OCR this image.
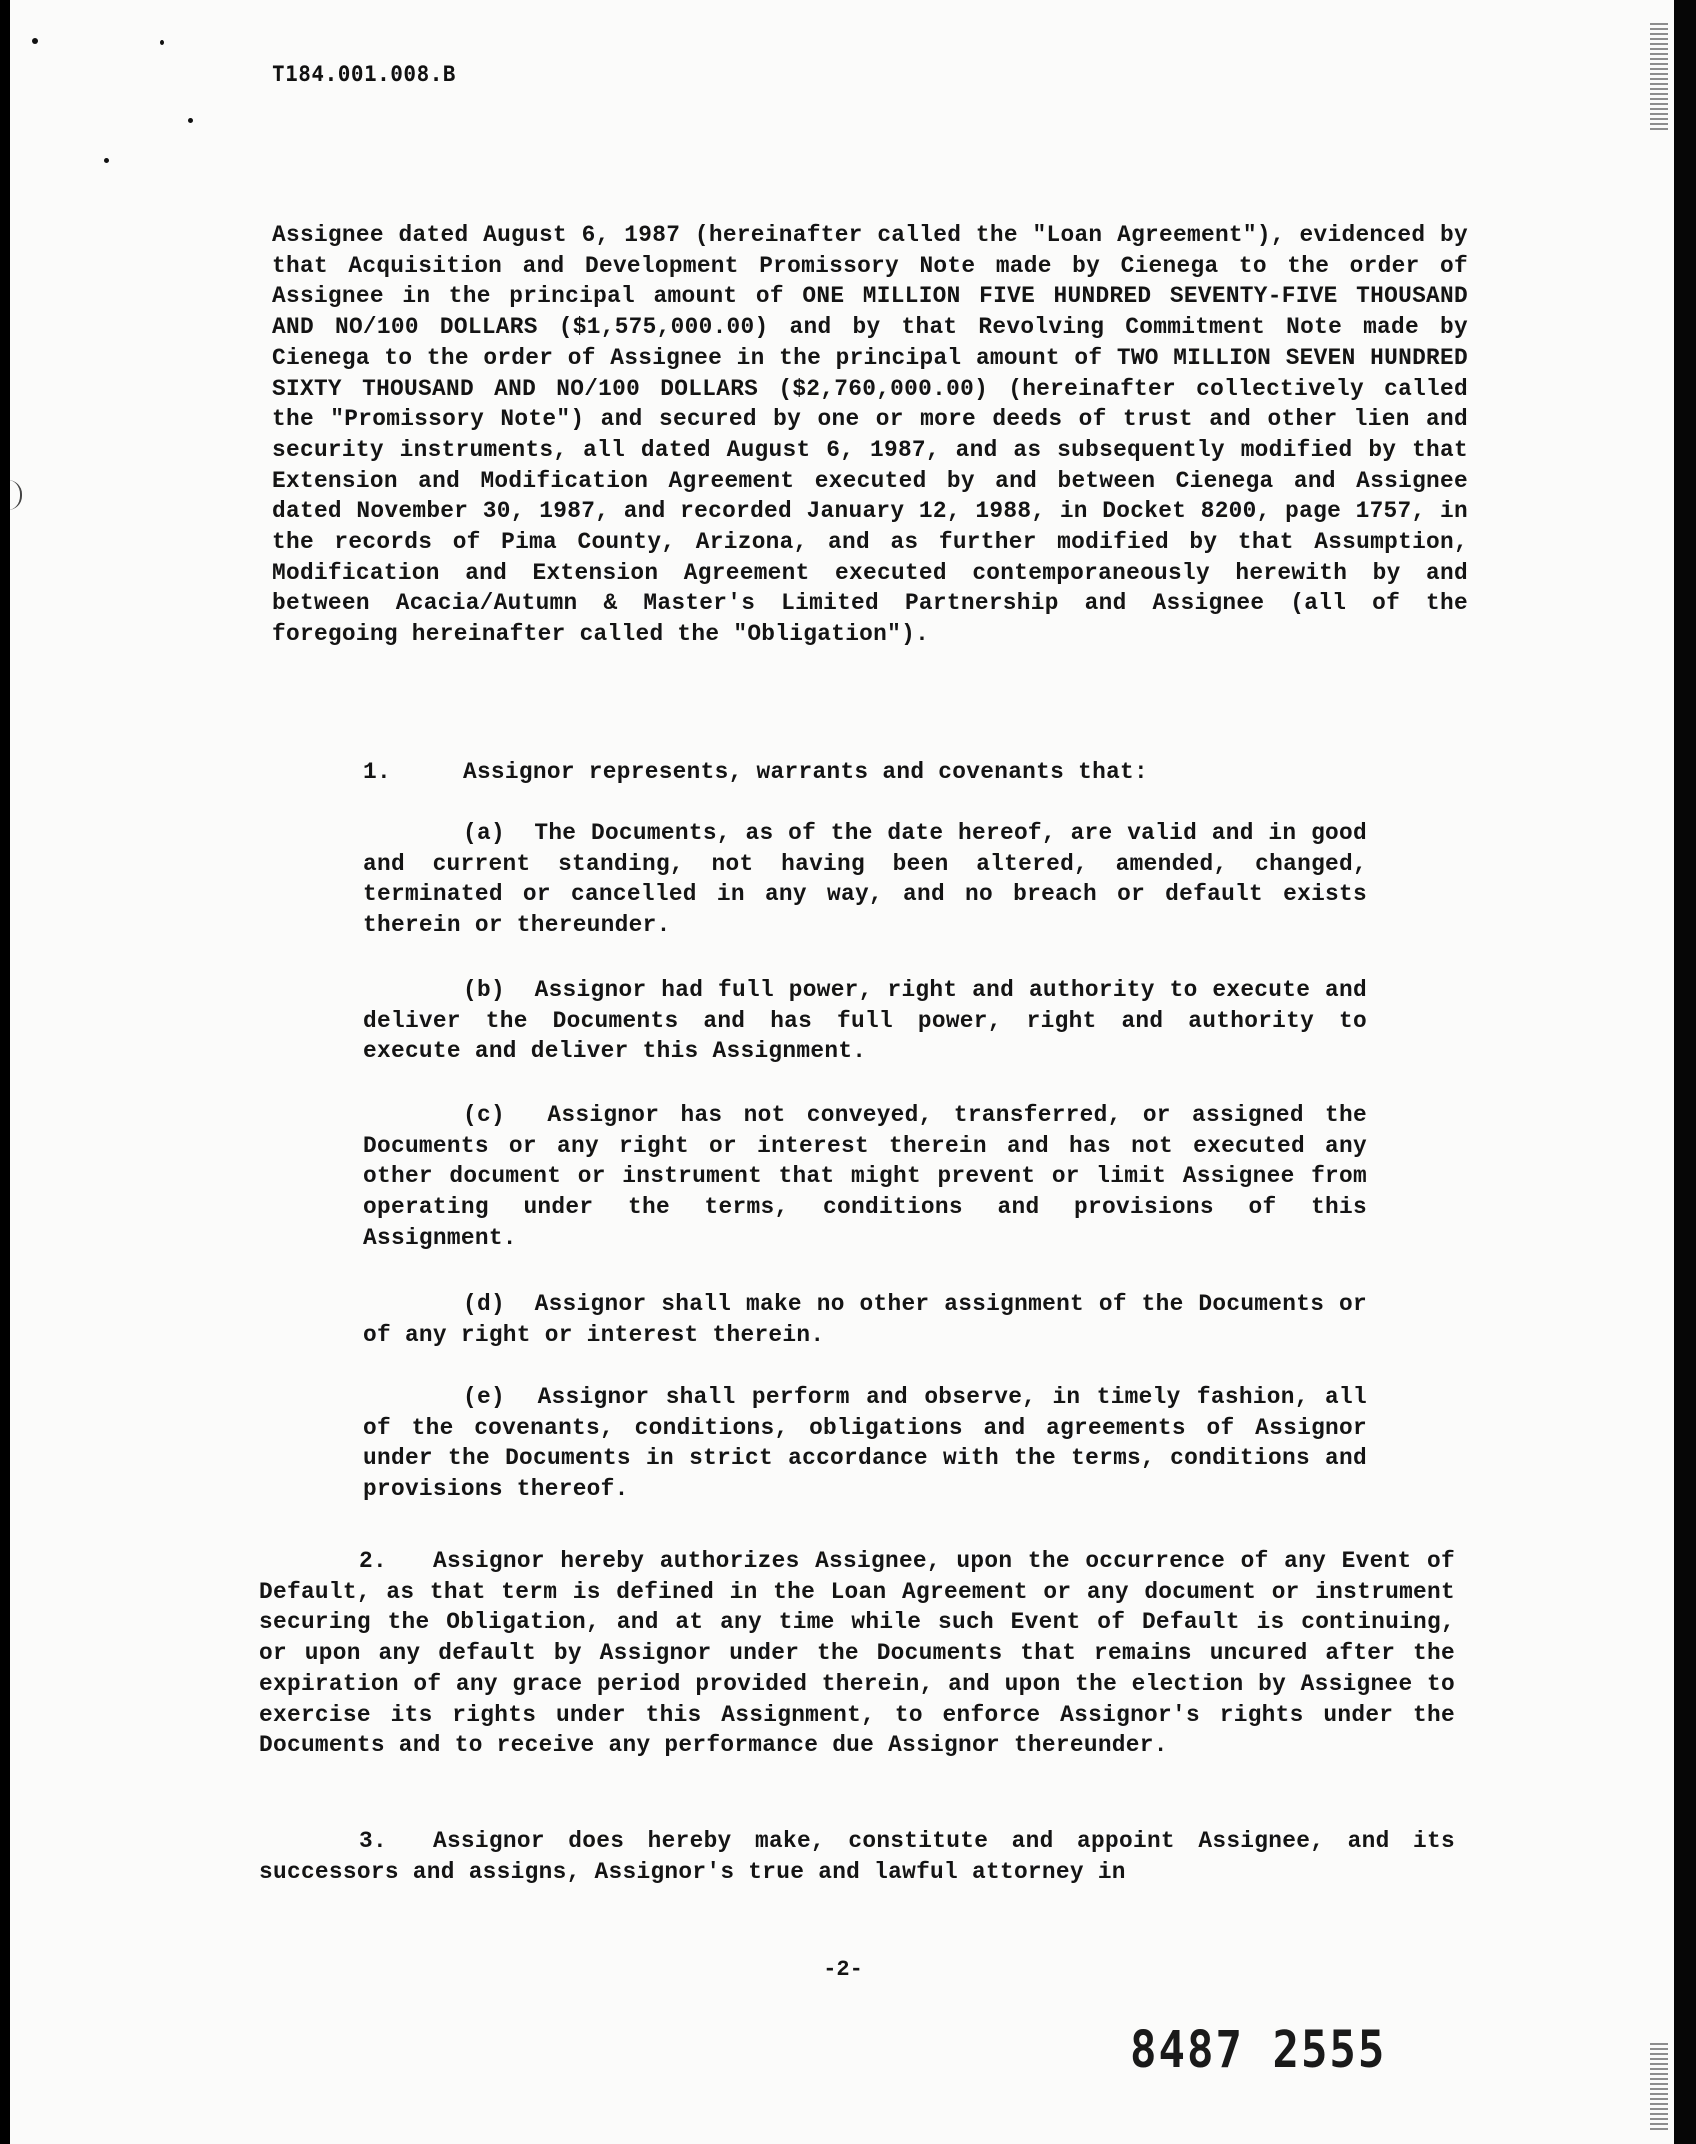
T184.001.008.B

Assignee dated August 6, 1987 (hereinafter called the "Loan Agreement"), evidenced by that Acquisition and Development Promissory Note made by Cienega to the order of Assignee in the principal amount of ONE MILLION FIVE HUNDRED SEVENTY-FIVE THOUSAND AND NO/100 DOLLARS ($1,575,000.00) and by that Revolving Commitment Note made by Cienega to the order of Assignee in the principal amount of TWO MILLION SEVEN HUNDRED SIXTY THOUSAND AND NO/100 DOLLARS ($2,760,000.00) (hereinafter collectively called the "Promissory Note") and secured by one or more deeds of trust and other lien and security instruments, all dated August 6, 1987, and as subsequently modified by that Extension and Modification Agreement executed by and between Cienega and Assignee dated November 30, 1987, and recorded January 12, 1988, in Docket 8200, page 1757, in the records of Pima County, Arizona, and as further modified by that Assumption, Modification and Extension Agreement executed contemporaneously herewith by and between Acacia/Autumn & Master's Limited Partnership and Assignee (all of the foregoing hereinafter called the "Obligation").

1.	Assignor represents, warrants and covenants that:

(a) The Documents, as of the date hereof, are valid and in good and current standing, not having been altered, amended, changed, terminated or cancelled in any way, and no breach or default exists therein or thereunder.

(b) Assignor had full power, right and authority to execute and deliver the Documents and has full power, right and authority to execute and deliver this Assignment.

(c) Assignor has not conveyed, transferred, or assigned the Documents or any right or interest therein and has not executed any other document or instrument that might prevent or limit Assignee from operating under the terms, conditions and provisions of this Assignment.

(d) Assignor shall make no other assignment of the Documents or of any right or interest therein.

(e) Assignor shall perform and observe, in timely fashion, all of the covenants, conditions, obligations and agreements of Assignor under the Documents in strict accordance with the terms, conditions and provisions thereof.

2. Assignor hereby authorizes Assignee, upon the occurrence of any Event of Default, as that term is defined in the Loan Agreement or any document or instrument securing the Obligation, and at any time while such Event of Default is continuing, or upon any default by Assignor under the Documents that remains uncured after the expiration of any grace period provided therein, and upon the election by Assignee to exercise its rights under this Assignment, to enforce Assignor's rights under the Documents and to receive any performance due Assignor thereunder.

3. Assignor does hereby make, constitute and appoint Assignee, and its successors and assigns, Assignor's true and lawful attorney in

-2-
8487 2555
